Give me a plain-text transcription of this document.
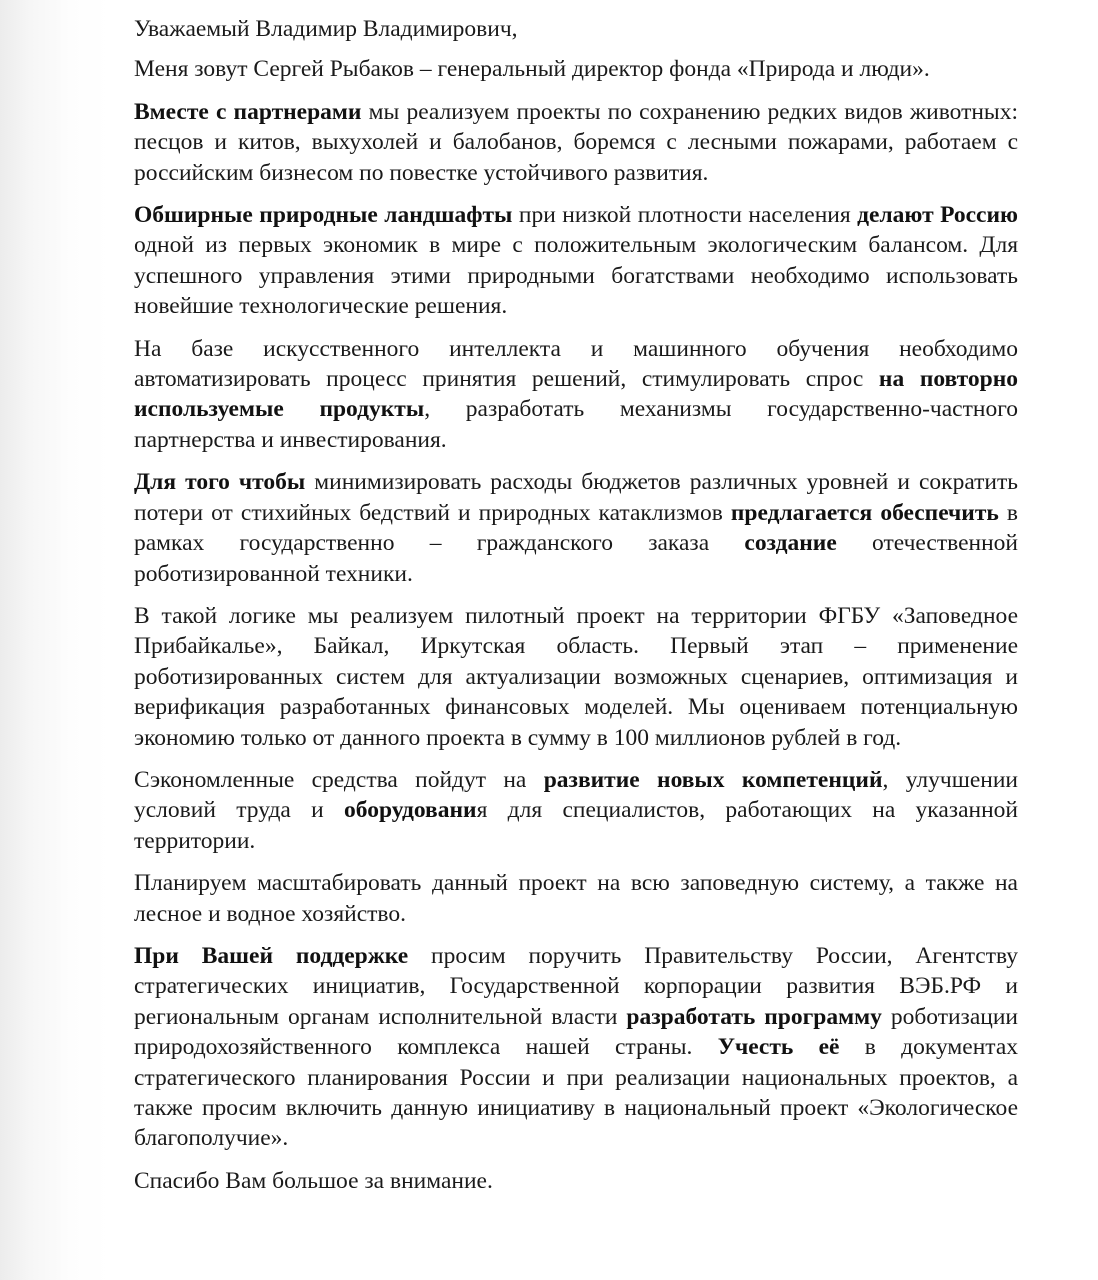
Уважаемый Владимир Владимирович,

Меня зовут Сергей Рыбаков – генеральный директор фонда «Природа и люди».

Вместе с партнерами мы реализуем проекты по сохранению редких видов животных: песцов и китов, выхухолей и балобанов, боремся с лесными пожарами, работаем с российским бизнесом по повестке устойчивого развития.

Обширные природные ландшафты при низкой плотности населения делают Россию одной из первых экономик в мире с положительным экологическим балансом. Для успешного управления этими природными богатствами необходимо использовать новейшие технологические решения.

На базе искусственного интеллекта и машинного обучения необходимо автоматизировать процесс принятия решений, стимулировать спрос на повторно используемые продукты, разработать механизмы государственно-частного партнерства и инвестирования.

Для того чтобы минимизировать расходы бюджетов различных уровней и сократить потери от стихийных бедствий и природных катаклизмов предлагается обеспечить в рамках государственно – гражданского заказа создание отечественной роботизированной техники.

В такой логике мы реализуем пилотный проект на территории ФГБУ «Заповедное Прибайкалье», Байкал, Иркутская область. Первый этап – применение роботизированных систем для актуализации возможных сценариев, оптимизация и верификация разработанных финансовых моделей. Мы оцениваем потенциальную экономию только от данного проекта в сумму в 100 миллионов рублей в год.

Сэкономленные средства пойдут на развитие новых компетенций, улучшении условий труда и оборудования для специалистов, работающих на указанной территории.

Планируем масштабировать данный проект на всю заповедную систему, а также на лесное и водное хозяйство.

При Вашей поддержке просим поручить Правительству России, Агентству стратегических инициатив, Государственной корпорации развития ВЭБ.РФ и региональным органам исполнительной власти разработать программу роботизации природохозяйственного комплекса нашей страны. Учесть её в документах стратегического планирования России и при реализации национальных проектов, а также просим включить данную инициативу в национальный проект «Экологическое благополучие».

Спасибо Вам большое за внимание.
